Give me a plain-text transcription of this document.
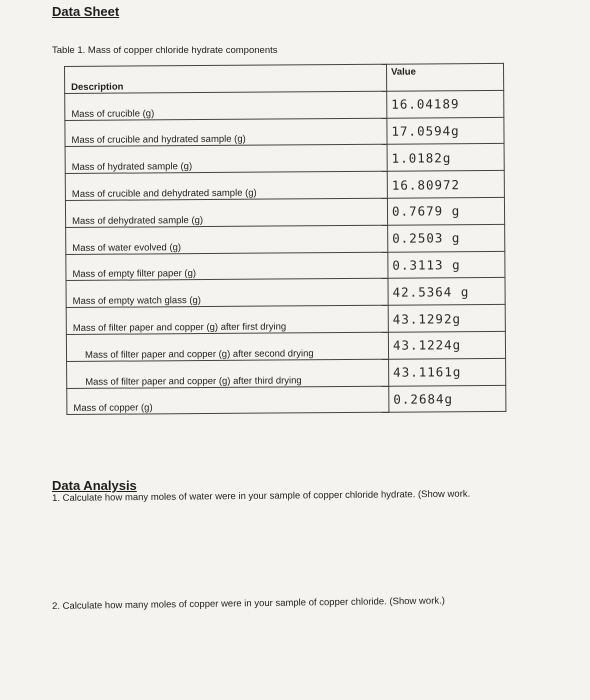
Data Sheet
Table 1. Mass of copper chloride hydrate components
Description	Value
Mass of crucible (g)	16.04189
Mass of crucible and hydrated sample (g)	17.0594g
Mass of hydrated sample (g)	1.0182g
Mass of crucible and dehydrated sample (g)	16.80972
Mass of dehydrated sample (g)	0.7679 g
Mass of water evolved (g)	0.2503 g
Mass of empty filter paper (g)	0.3113 g
Mass of empty watch glass (g)	42.5364 g
Mass of filter paper and copper (g) after first drying	43.1292g
Mass of filter paper and copper (g) after second drying	43.1224g
Mass of filter paper and copper (g) after third drying	43.1161g
Mass of copper (g)	0.2684g
Data Analysis
1. Calculate how many moles of water were in your sample of copper chloride hydrate. (Show work.
2. Calculate how many moles of copper were in your sample of copper chloride. (Show work.)
